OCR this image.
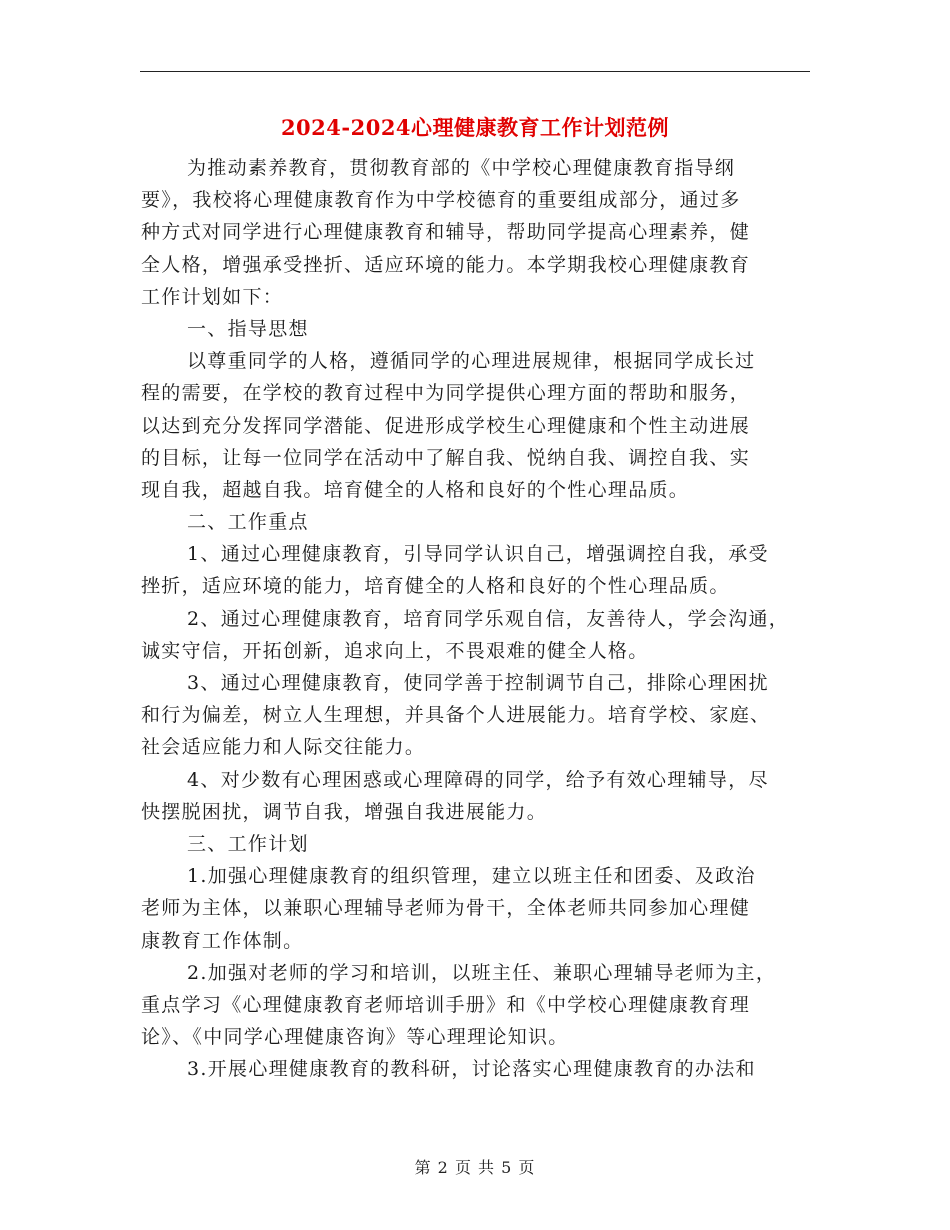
2024-2024心理健康教育工作计划范例
为推动素养教育，贯彻教育部的《中学校心理健康教育指导纲
要》，我校将心理健康教育作为中学校德育的重要组成部分，通过多
种方式对同学进行心理健康教育和辅导，帮助同学提高心理素养，健
全人格，增强承受挫折、适应环境的能力。本学期我校心理健康教育
工作计划如下：
一、指导思想
以尊重同学的人格，遵循同学的心理进展规律，根据同学成长过
程的需要，在学校的教育过程中为同学提供心理方面的帮助和服务，
以达到充分发挥同学潜能、促进形成学校生心理健康和个性主动进展
的目标，让每一位同学在活动中了解自我、悦纳自我、调控自我、实
现自我，超越自我。培育健全的人格和良好的个性心理品质。
二、工作重点
1、通过心理健康教育，引导同学认识自己，增强调控自我，承受
挫折，适应环境的能力，培育健全的人格和良好的个性心理品质。
2、通过心理健康教育，培育同学乐观自信，友善待人，学会沟通，
诚实守信，开拓创新，追求向上，不畏艰难的健全人格。
3、通过心理健康教育，使同学善于控制调节自己，排除心理困扰
和行为偏差，树立人生理想，并具备个人进展能力。培育学校、家庭、
社会适应能力和人际交往能力。
4、对少数有心理困惑或心理障碍的同学，给予有效心理辅导，尽
快摆脱困扰，调节自我，增强自我进展能力。
三、工作计划
1.加强心理健康教育的组织管理，建立以班主任和团委、及政治
老师为主体，以兼职心理辅导老师为骨干，全体老师共同参加心理健
康教育工作体制。
2.加强对老师的学习和培训，以班主任、兼职心理辅导老师为主，
重点学习《心理健康教育老师培训手册》和《中学校心理健康教育理
论》、《中同学心理健康咨询》等心理理论知识。
3.开展心理健康教育的教科研，讨论落实心理健康教育的办法和
第 2 页 共 5 页
